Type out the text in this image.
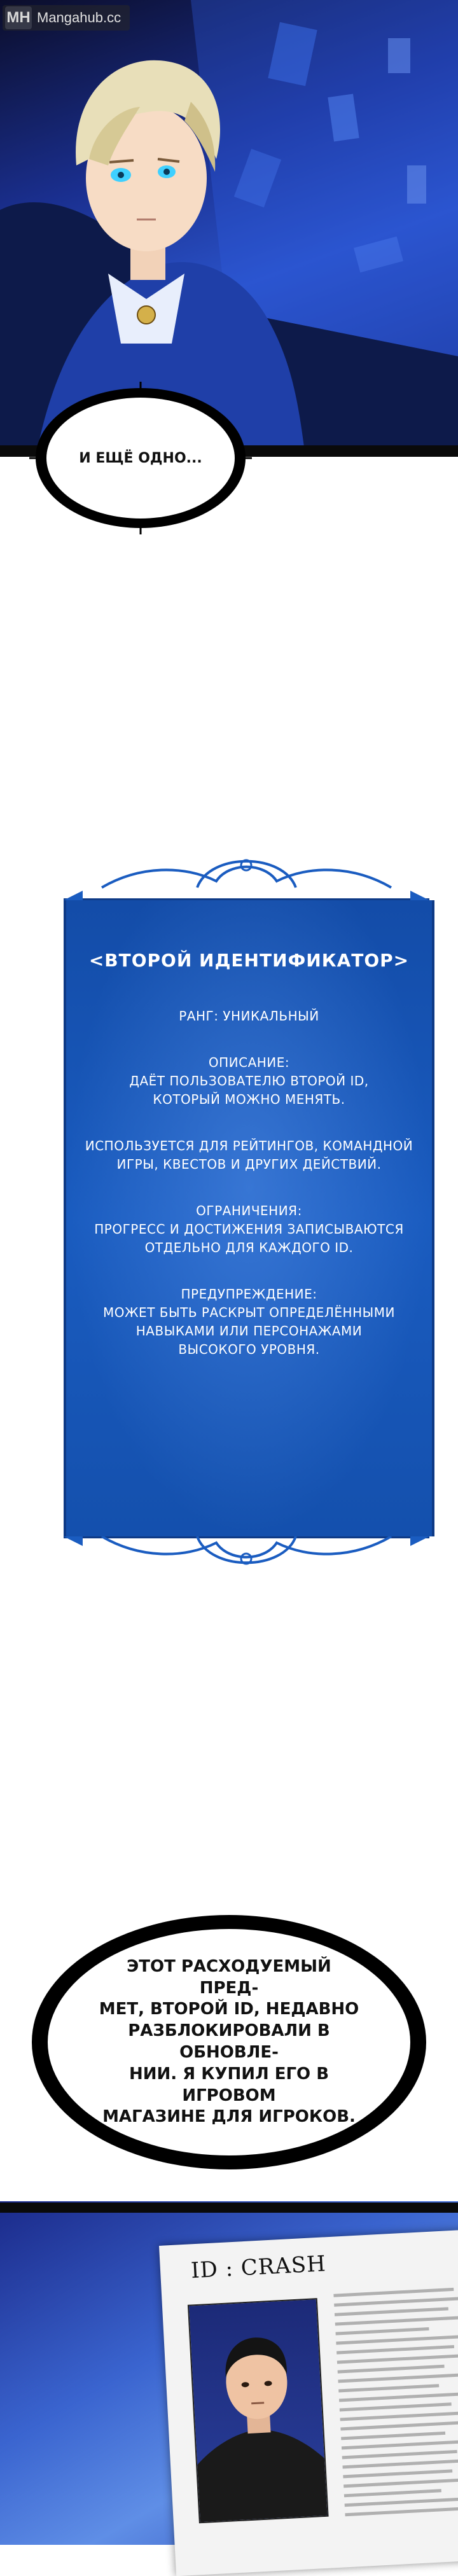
MH Mangahub.cc
И ЕЩЁ ОДНО...
<ВТОРОЙ ИДЕНТИФИКАТОР>
РАНГ: УНИКАЛЬНЫЙ
ОПИСАНИЕ:
ДАЁТ ПОЛЬЗОВАТЕЛЮ ВТОРОЙ ID,
КОТОРЫЙ МОЖНО МЕНЯТЬ.
ИСПОЛЬЗУЕТСЯ ДЛЯ РЕЙТИНГОВ, КОМАНДНОЙ
ИГРЫ, КВЕСТОВ И ДРУГИХ ДЕЙСТВИЙ.
ОГРАНИЧЕНИЯ:
ПРОГРЕСС И ДОСТИЖЕНИЯ ЗАПИСЫВАЮТСЯ
ОТДЕЛЬНО ДЛЯ КАЖДОГО ID.
ПРЕДУПРЕЖДЕНИЕ:
МОЖЕТ БЫТЬ РАСКРЫТ ОПРЕДЕЛЁННЫМИ
НАВЫКАМИ ИЛИ ПЕРСОНАЖАМИ
ВЫСОКОГО УРОВНЯ.
ЭТОТ РАСХОДУЕМЫЙ ПРЕД-
МЕТ, ВТОРОЙ ID, НЕДАВНО
РАЗБЛОКИРОВАЛИ В ОБНОВЛЕ-
НИИ. Я КУПИЛ ЕГО В ИГРОВОМ
МАГАЗИНЕ ДЛЯ ИГРОКОВ.
ID : CRASH
